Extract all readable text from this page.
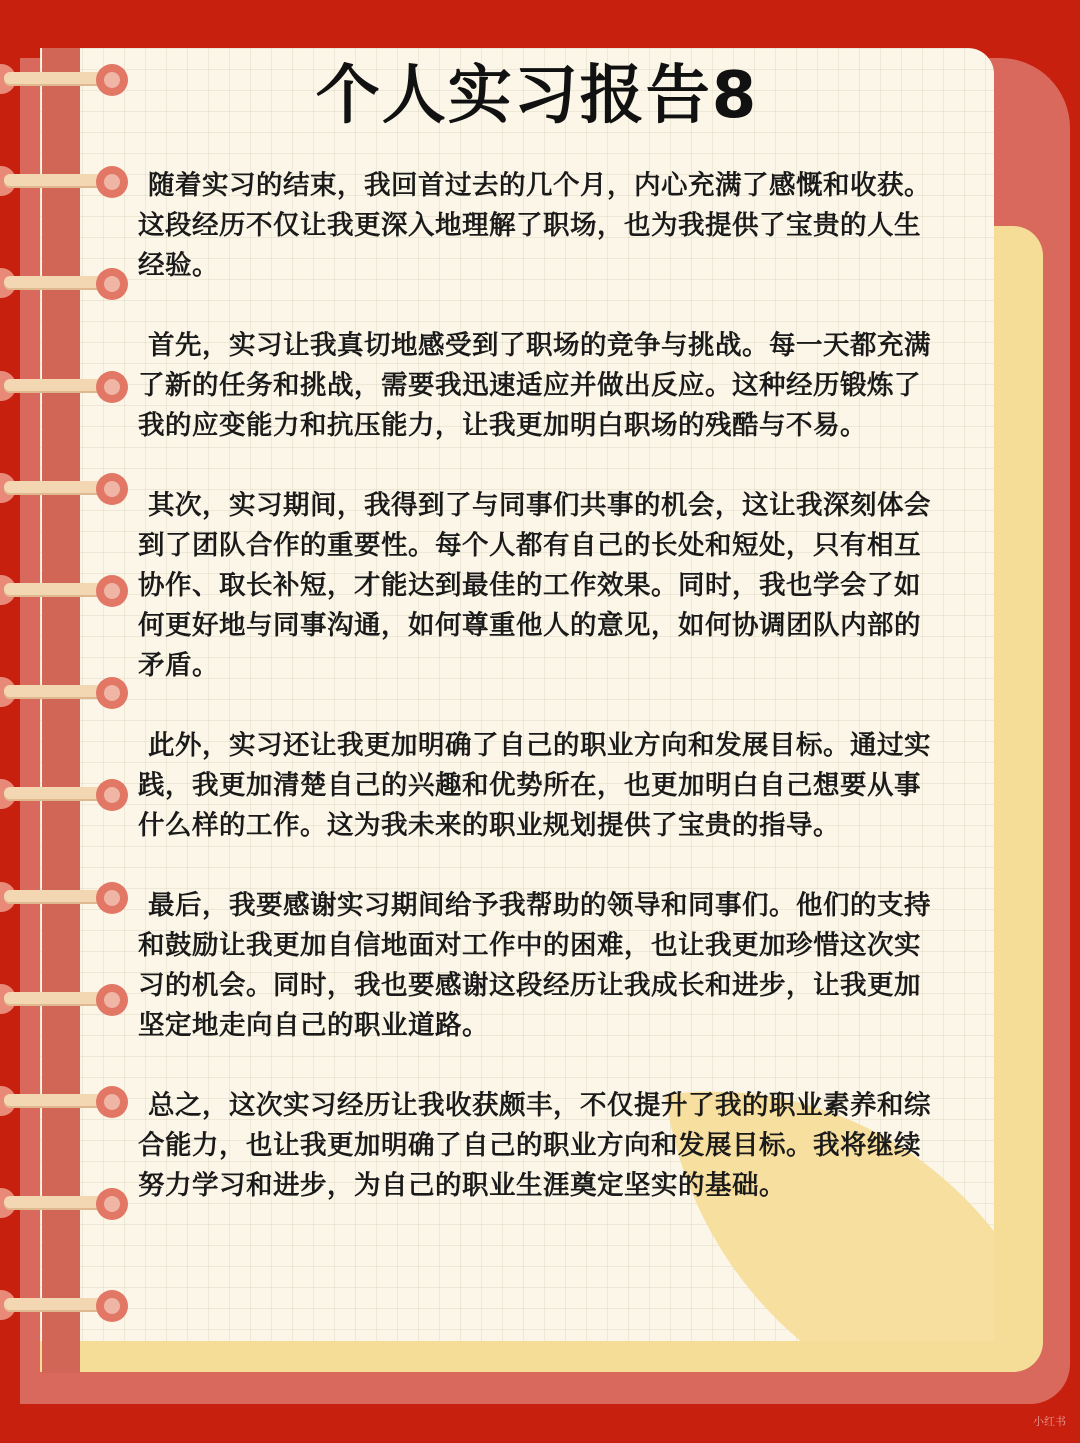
个人实习报告8

随着实习的结束，我回首过去的几个月，内心充满了感慨和收获。这段经历不仅让我更深入地理解了职场，也为我提供了宝贵的人生经验。

首先，实习让我真切地感受到了职场的竞争与挑战。每一天都充满了新的任务和挑战，需要我迅速适应并做出反应。这种经历锻炼了我的应变能力和抗压能力，让我更加明白职场的残酷与不易。

其次，实习期间，我得到了与同事们共事的机会，这让我深刻体会到了团队合作的重要性。每个人都有自己的长处和短处，只有相互协作、取长补短，才能达到最佳的工作效果。同时，我也学会了如何更好地与同事沟通，如何尊重他人的意见，如何协调团队内部的矛盾。

此外，实习还让我更加明确了自己的职业方向和发展目标。通过实践，我更加清楚自己的兴趣和优势所在，也更加明白自己想要从事什么样的工作。这为我未来的职业规划提供了宝贵的指导。

最后，我要感谢实习期间给予我帮助的领导和同事们。他们的支持和鼓励让我更加自信地面对工作中的困难，也让我更加珍惜这次实习的机会。同时，我也要感谢这段经历让我成长和进步，让我更加坚定地走向自己的职业道路。

总之，这次实习经历让我收获颇丰，不仅提升了我的职业素养和综合能力，也让我更加明确了自己的职业方向和发展目标。我将继续努力学习和进步，为自己的职业生涯奠定坚实的基础。

小红书
